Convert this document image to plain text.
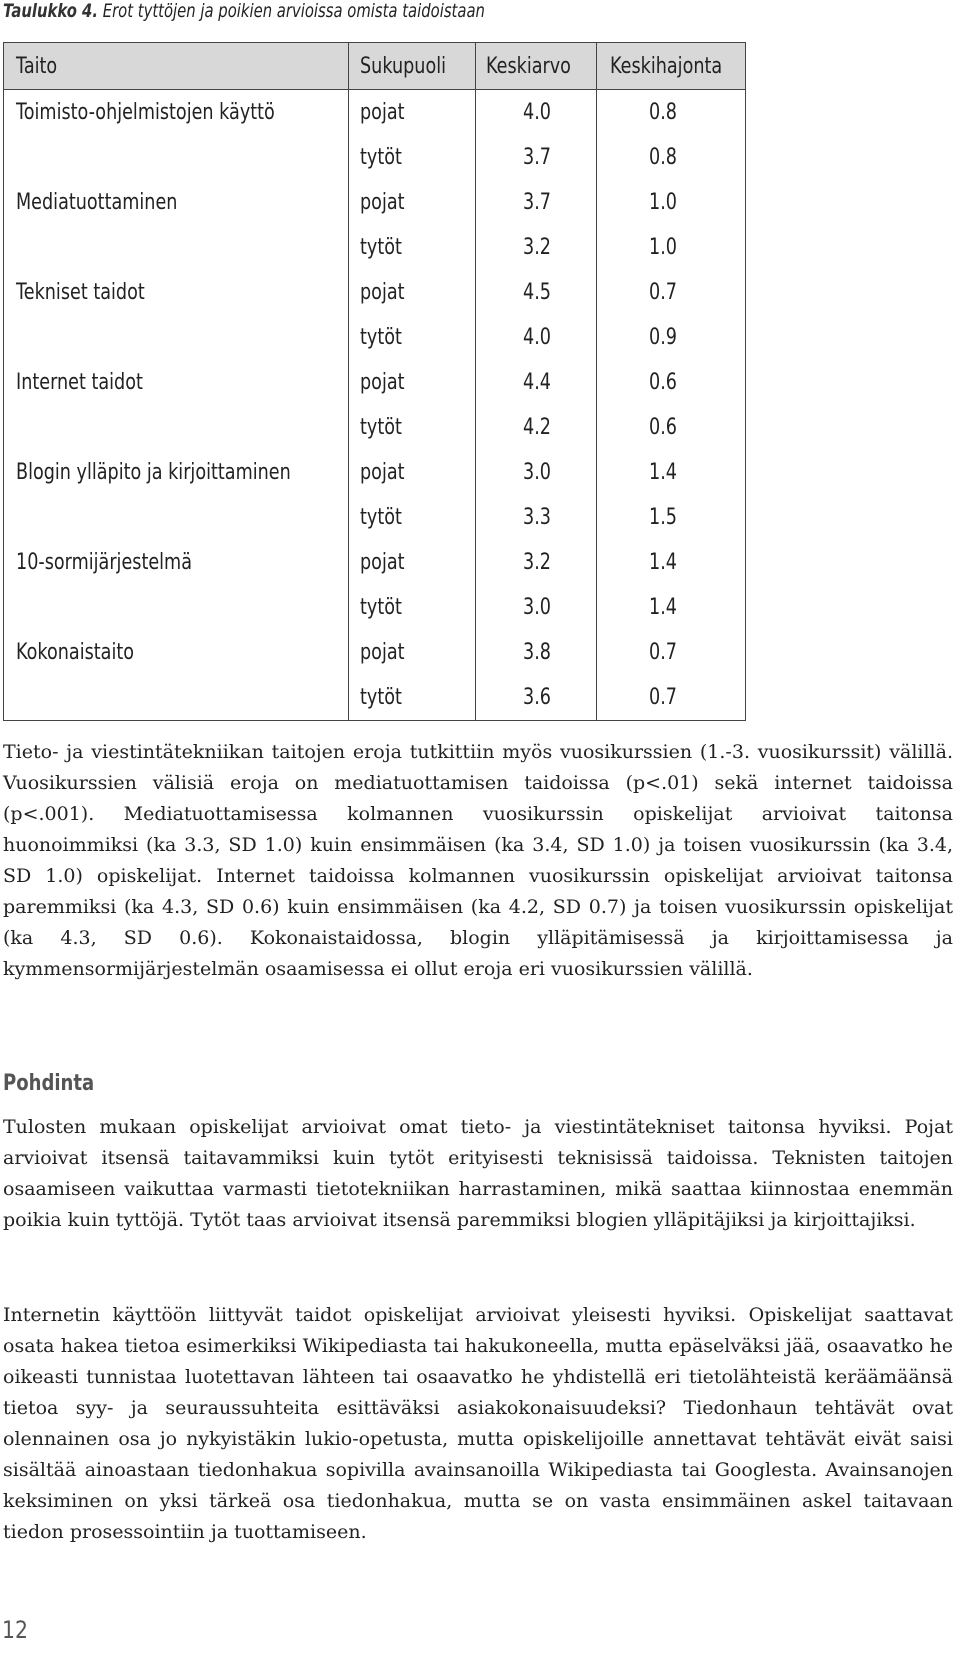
Taulukko 4. Erot tyttöjen ja poikien arvioissa omista taidoistaan
Taito	Sukupuoli	Keskiarvo	Keskihajonta
Toimisto-ohjelmistojen käyttö	pojat	4.0	0.8
	tytöt	3.7	0.8
Mediatuottaminen	pojat	3.7	1.0
	tytöt	3.2	1.0
Tekniset taidot	pojat	4.5	0.7
	tytöt	4.0	0.9
Internet taidot	pojat	4.4	0.6
	tytöt	4.2	0.6
Blogin ylläpito ja kirjoittaminen	pojat	3.0	1.4
	tytöt	3.3	1.5
10-sormijärjestelmä	pojat	3.2	1.4
	tytöt	3.0	1.4
Kokonaistaito	pojat	3.8	0.7
	tytöt	3.6	0.7
Tieto- ja viestintätekniikan taitojen eroja tutkittiin myös vuosikurssien (1.-3. vuosikurssit) välillä. Vuosikurssien välisiä eroja on mediatuottamisen taidoissa (p<.01) sekä internet taidoissa (p<.001). Mediatuottamisessa kolmannen vuosikurssin opiskelijat arvioivat taitonsa huonoimmiksi (ka 3.3, SD 1.0) kuin ensimmäisen (ka 3.4, SD 1.0) ja toisen vuosikurssin (ka 3.4, SD 1.0) opiskelijat. Internet taidoissa kolmannen vuosikurssin opiskelijat arvioivat taitonsa paremmiksi (ka 4.3, SD 0.6) kuin ensimmäisen (ka 4.2, SD 0.7) ja toisen vuosikurssin opiskelijat (ka 4.3, SD 0.6). Kokonaistaidossa, blogin ylläpitämisessä ja kirjoittamisessa ja kymmensormijärjestelmän osaamisessa ei ollut eroja eri vuosikurssien välillä.
Pohdinta
Tulosten mukaan opiskelijat arvioivat omat tieto- ja viestintätekniset taitonsa hyviksi. Pojat arvioivat itsensä taitavammiksi kuin tytöt erityisesti teknisissä taidoissa. Teknisten taitojen osaamiseen vaikuttaa varmasti tietotekniikan harrastaminen, mikä saattaa kiinnostaa enemmän poikia kuin tyttöjä. Tytöt taas arvioivat itsensä paremmiksi blogien ylläpitäjiksi ja kirjoittajiksi.
Internetin käyttöön liittyvät taidot opiskelijat arvioivat yleisesti hyviksi. Opiskelijat saattavat osata hakea tietoa esimerkiksi Wikipediasta tai hakukoneella, mutta epäselväksi jää, osaavatko he oikeasti tunnistaa luotettavan lähteen tai osaavatko he yhdistellä eri tietolähteistä keräämäänsä tietoa syy- ja seuraussuhteita esittäväksi asiakokonaisuudeksi? Tiedonhaun tehtävät ovat olennainen osa jo nykyistäkin lukio-opetusta, mutta opiskelijoille annettavat tehtävät eivät saisi sisältää ainoastaan tiedonhakua sopivilla avainsanoilla Wikipediasta tai Googlesta. Avainsanojen keksiminen on yksi tärkeä osa tiedonhakua, mutta se on vasta ensimmäinen askel taitavaan tiedon prosessointiin ja tuottamiseen.
12
